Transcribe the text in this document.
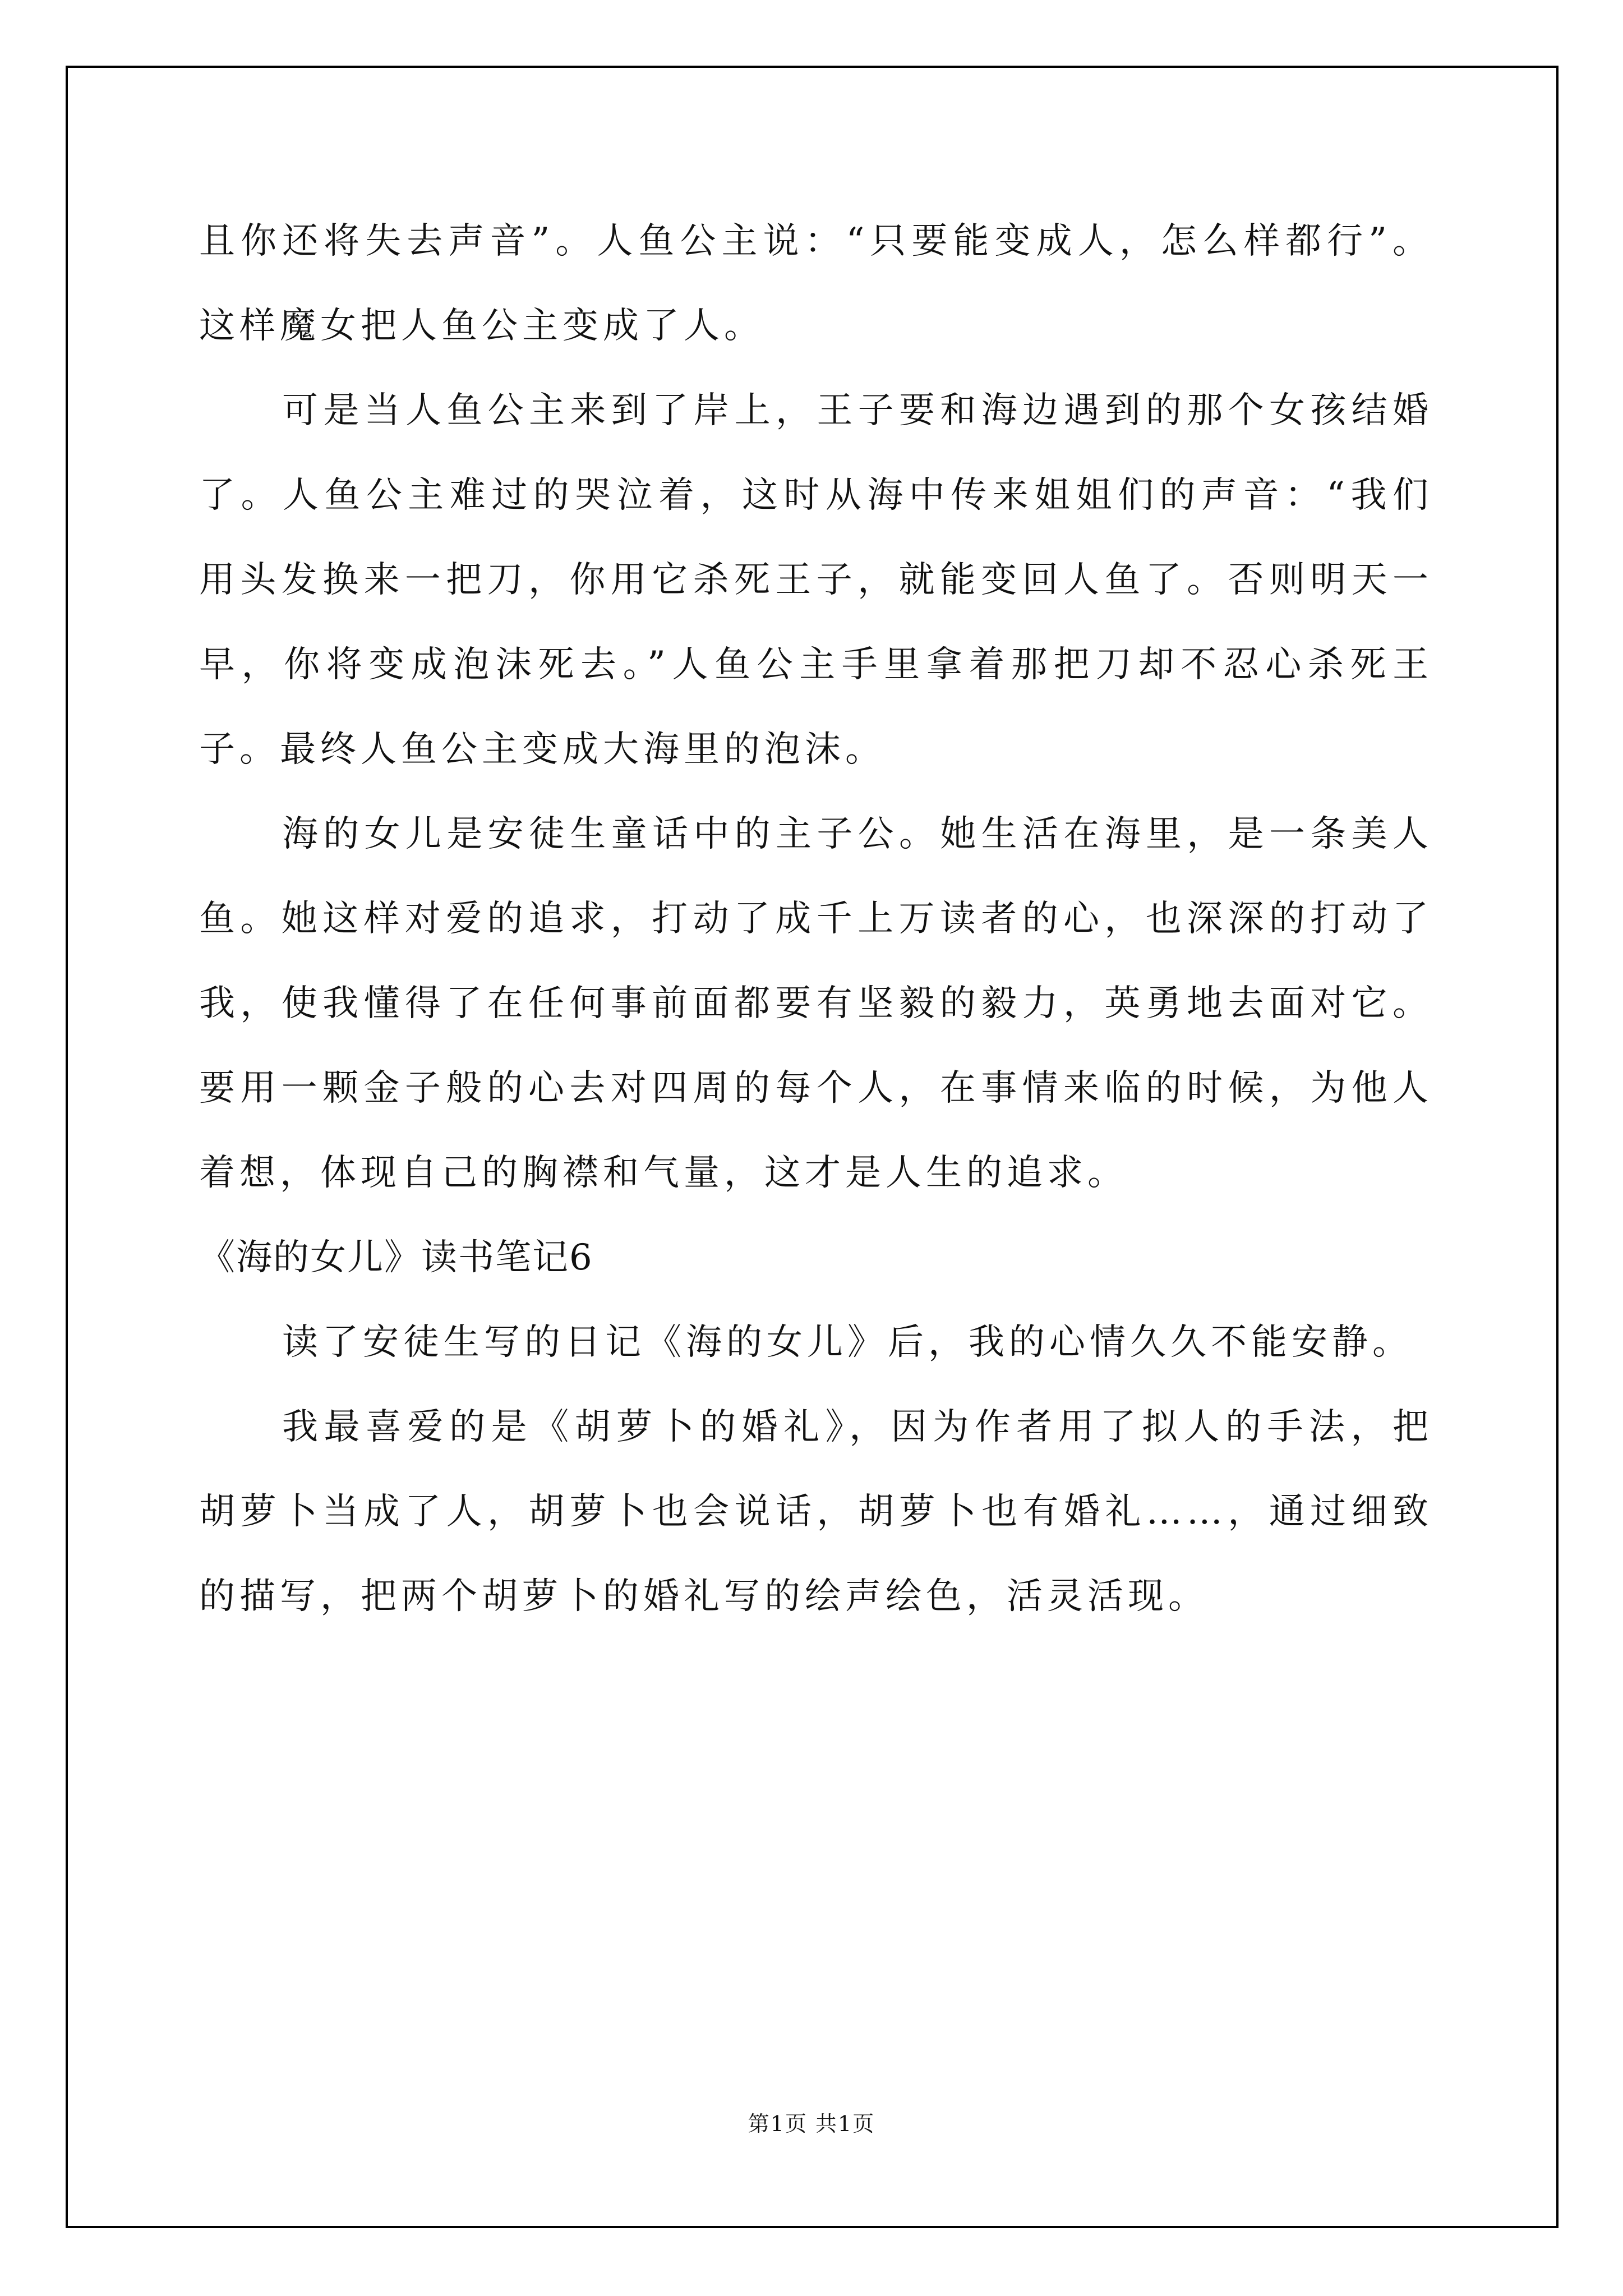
且你还将失去声音”。人鱼公主说：“只要能变成人，怎么样都行”。这样魔女把人鱼公主变成了人。

可是当人鱼公主来到了岸上，王子要和海边遇到的那个女孩结婚了。人鱼公主难过的哭泣着，这时从海中传来姐姐们的声音：“我们用头发换来一把刀，你用它杀死王子，就能变回人鱼了。否则明天一早，你将变成泡沫死去。”人鱼公主手里拿着那把刀却不忍心杀死王子。最终人鱼公主变成大海里的泡沫。

海的女儿是安徒生童话中的主子公。她生活在海里，是一条美人鱼。她这样对爱的追求，打动了成千上万读者的心，也深深的打动了我，使我懂得了在任何事前面都要有坚毅的毅力，英勇地去面对它。要用一颗金子般的心去对四周的每个人，在事情来临的时候，为他人着想，体现自己的胸襟和气量，这才是人生的追求。

《海的女儿》读书笔记6

读了安徒生写的日记《海的女儿》后，我的心情久久不能安静。

我最喜爱的是《胡萝卜的婚礼》，因为作者用了拟人的手法，把胡萝卜当成了人，胡萝卜也会说话，胡萝卜也有婚礼……，通过细致的描写，把两个胡萝卜的婚礼写的绘声绘色，活灵活现。

第1页 共1页
